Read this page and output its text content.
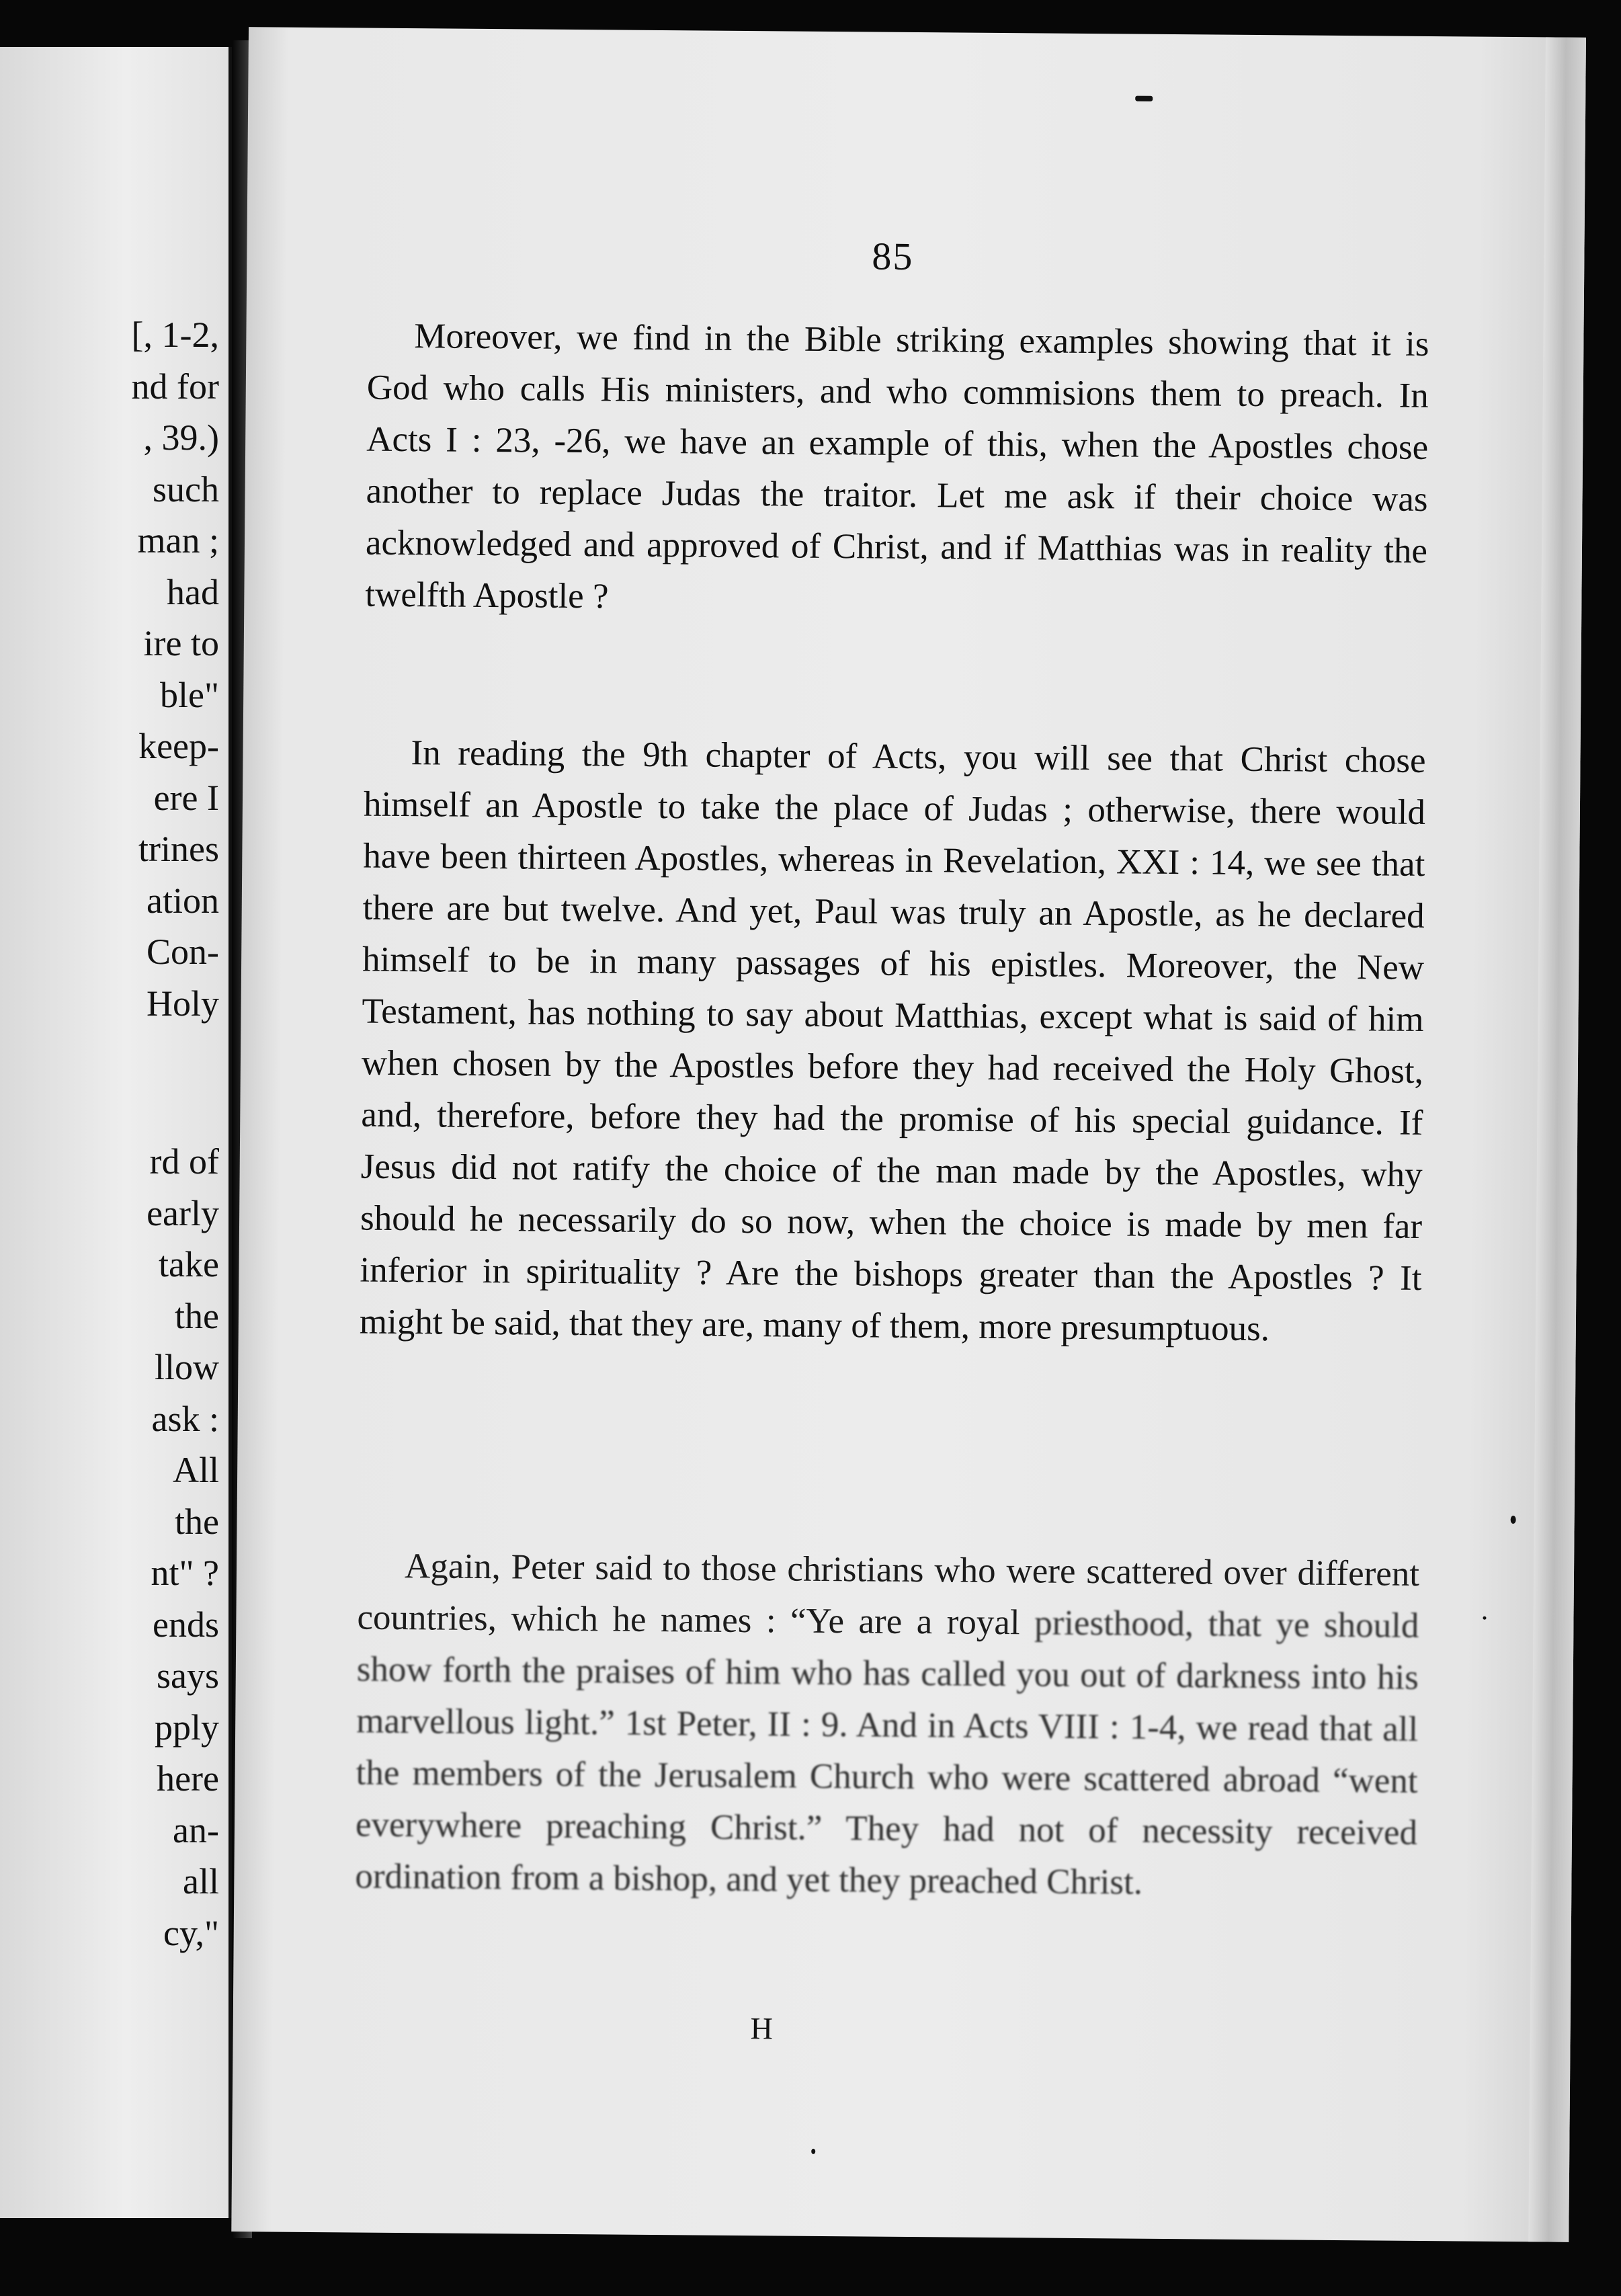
[, 1-2,
nd for
, 39.)
such
man ;
had
ire to
ble"
keep-
ere I
trines
ation
Con-
Holy
rd of
early
take
the
llow
ask :
All
the
nt" ?
ends
says
pply
here
an-
all
cy,"
85

Moreover, we find in the Bible striking examples showing that it is God who calls His ministers, and who commisions them to preach. In Acts I : 23, -26, we have an example of this, when the Apostles chose another to replace Judas the traitor. Let me ask if their choice was acknowledged and approved of Christ, and if Matthias was in reality the twelfth Apostle ?

In reading the 9th chapter of Acts, you will see that Christ chose himself an Apostle to take the place of Judas ; otherwise, there would have been thirteen Apostles, whereas in Revelation, XXI : 14, we see that there are but twelve. And yet, Paul was truly an Apostle, as he declared himself to be in many passages of his epistles. Moreover, the New Testament, has nothing to say about Matthias, except what is said of him when chosen by the Apostles before they had received the Holy Ghost, and, therefore, before they had the promise of his special guidance. If Jesus did not ratify the choice of the man made by the Apostles, why should he necessarily do so now, when the choice is made by men far inferior in spirituality ? Are the bishops greater than the Apostles ? It might be said, that they are, many of them, more presumptuous.

Again, Peter said to those christians who were scattered over different countries, which he names : “Ye are a royal priesthood, that ye should show forth the praises of him who has called you out of darkness into his marvellous light.” 1st Peter, II : 9. And in Acts VIII : 1-4, we read that all the members of the Jerusalem Church who were scattered abroad “went everywhere preaching Christ.” They had not of necessity received ordination from a bishop, and yet they preached Christ.

H
